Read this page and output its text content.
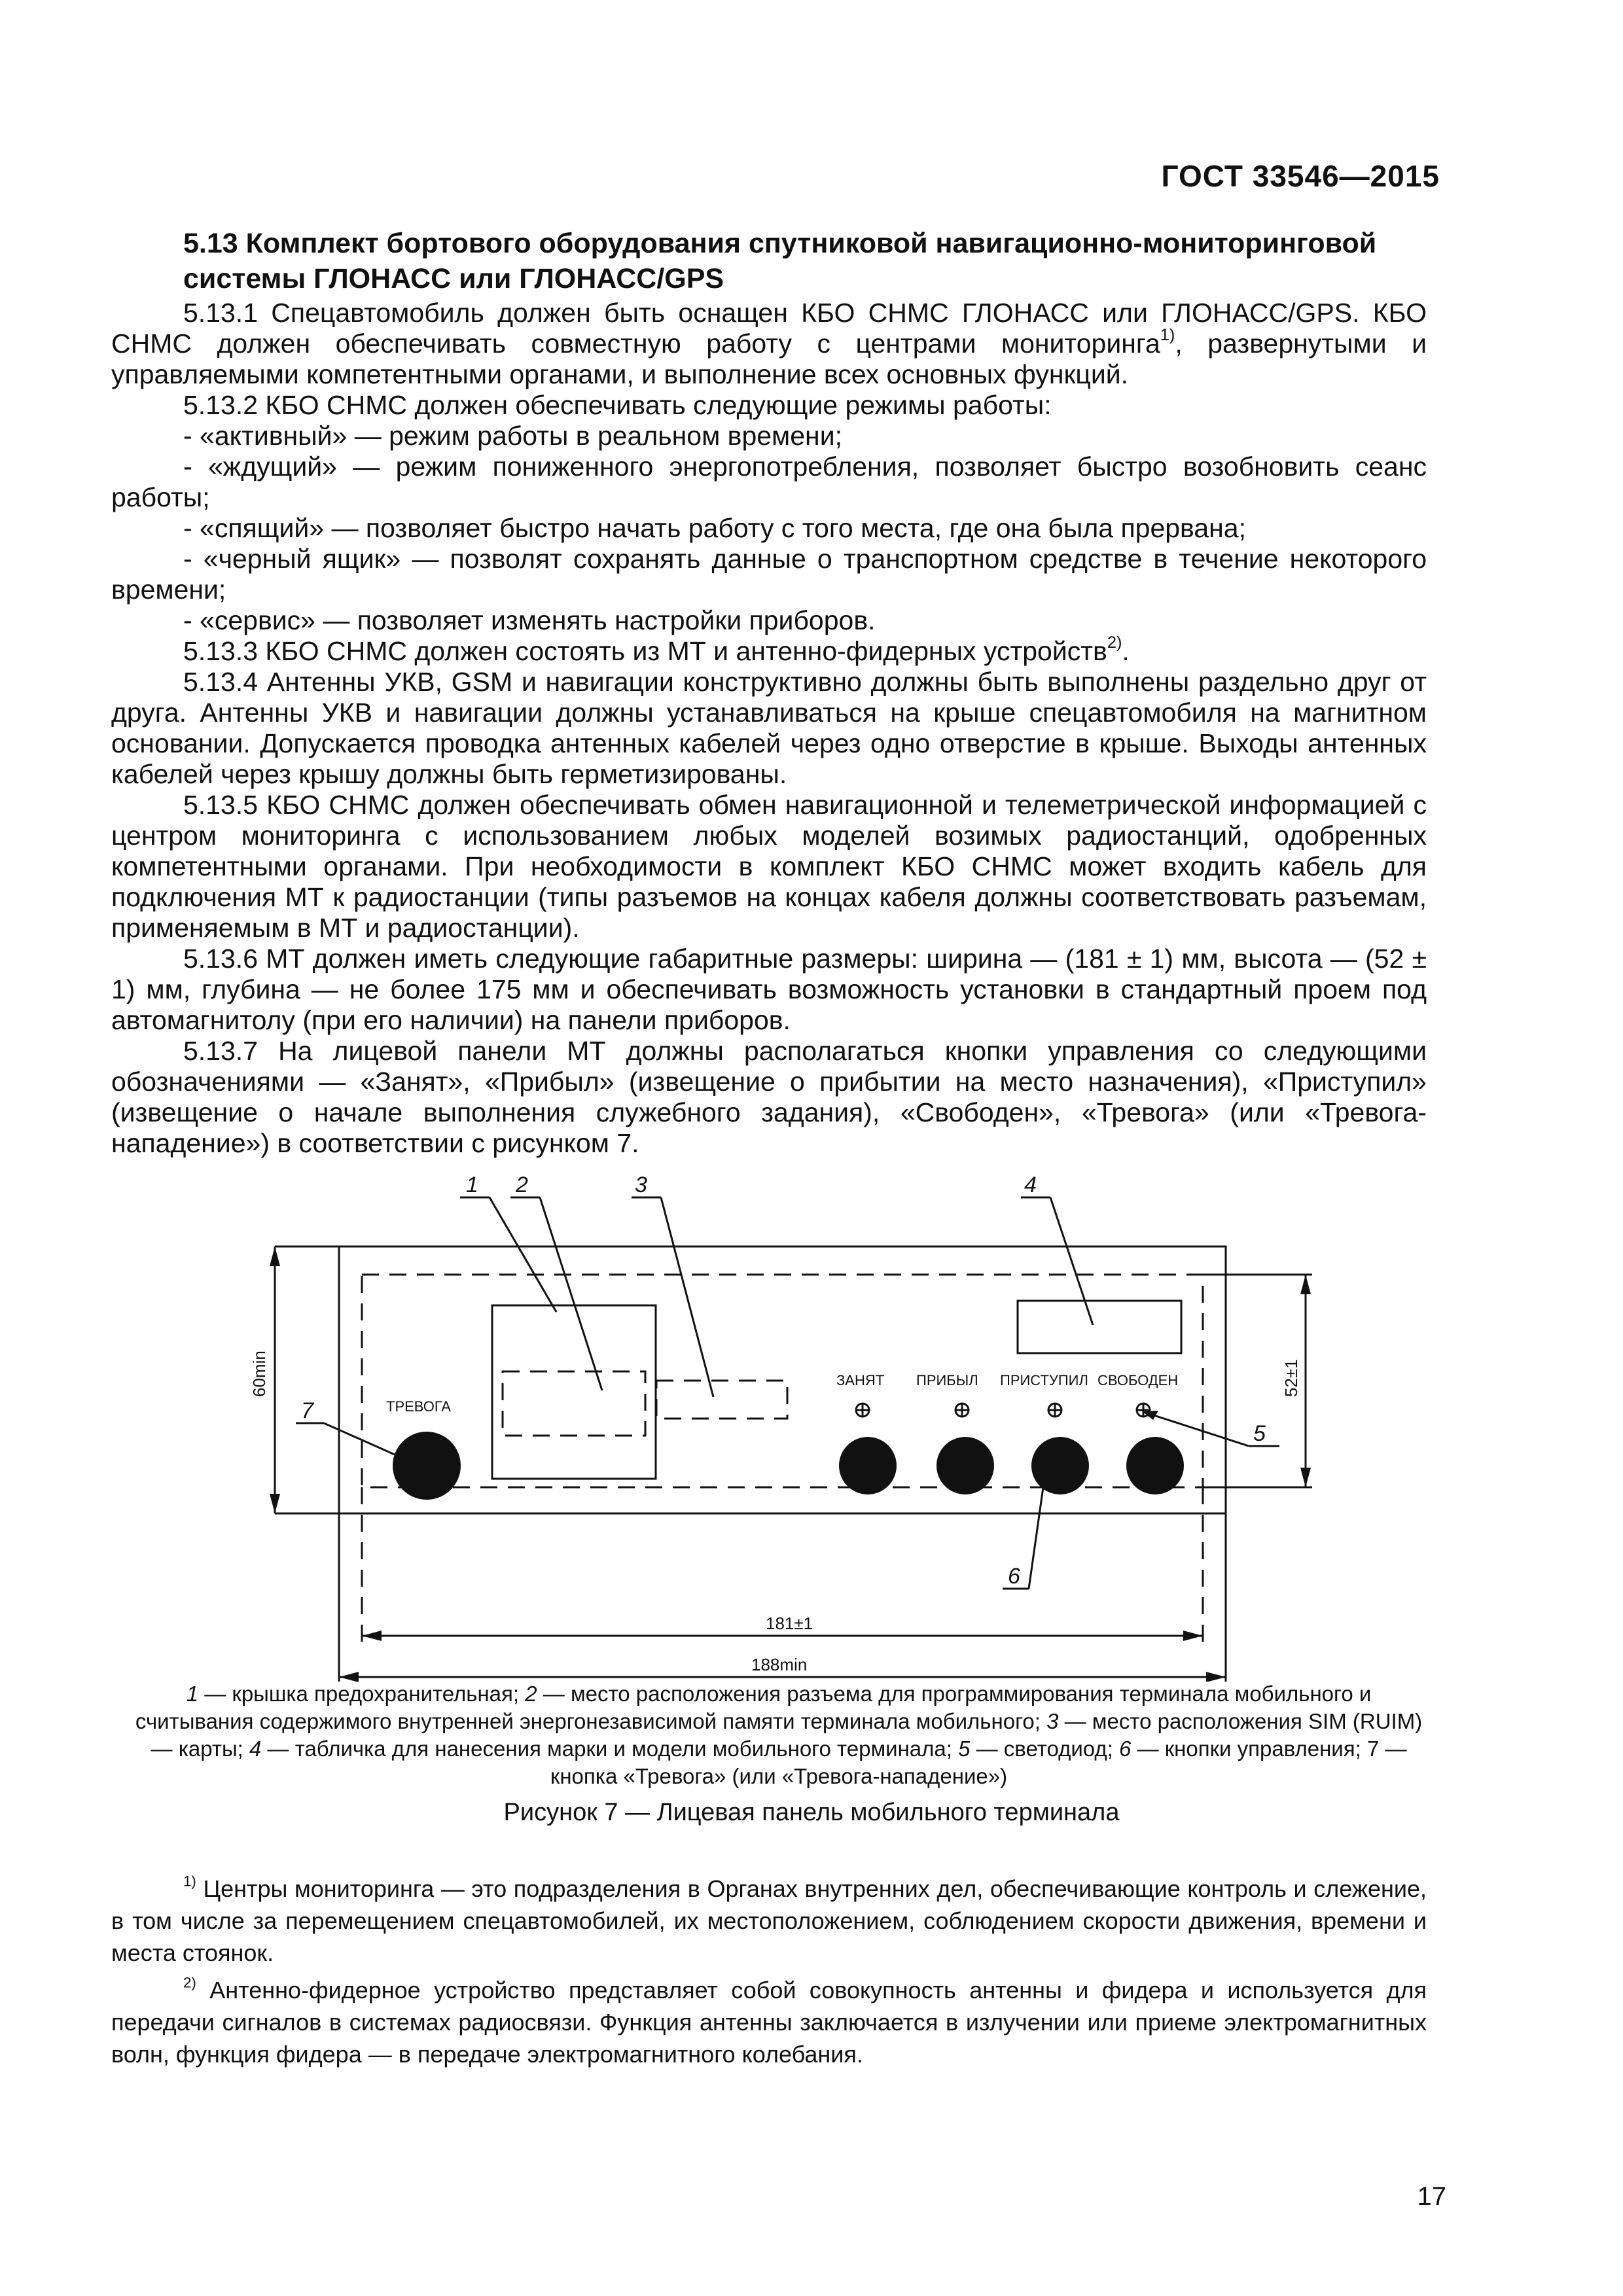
ГОСТ 33546—2015
5.13 Комплект бортового оборудования спутниковой навигационно-мониторинговой системы ГЛОНАСС или ГЛОНАСС/GPS

5.13.1 Спецавтомобиль должен быть оснащен КБО СНМС ГЛОНАСС или ГЛОНАСС/GPS. КБО СНМС должен обеспечивать совместную работу с центрами мониторинга$^{1)}$, развернутыми и управляемыми компетентными органами, и выполнение всех основных функций.

5.13.2 КБО СНМС должен обеспечивать следующие режимы работы:

- «активный» — режим работы в реальном времени;

- «ждущий» — режим пониженного энергопотребления, позволяет быстро возобновить сеанс работы;

- «спящий» — позволяет быстро начать работу с того места, где она была прервана;

- «черный ящик» — позволят сохранять данные о транспортном средстве в течение некоторого времени;

- «сервис» — позволяет изменять настройки приборов.

5.13.3 КБО СНМС должен состоять из МТ и антенно-фидерных устройств$^{2)}$.

5.13.4 Антенны УКВ, GSM и навигации конструктивно должны быть выполнены раздельно друг от друга. Антенны УКВ и навигации должны устанавливаться на крыше спецавтомобиля на магнитном основании. Допускается проводка антенных кабелей через одно отверстие в крыше. Выходы антенных кабелей через крышу должны быть герметизированы.

5.13.5 КБО СНМС должен обеспечивать обмен навигационной и телеметрической информацией с центром мониторинга с использованием любых моделей возимых радиостанций, одобренных компетентными органами. При необходимости в комплект КБО СНМС может входить кабель для подключения МТ к радиостанции (типы разъемов на концах кабеля должны соответствовать разъемам, применяемым в МТ и радиостанции).

5.13.6 МТ должен иметь следующие габаритные размеры: ширина — (181 ± 1) мм, высота — (52 ± 1) мм, глубина — не более 175 мм и обеспечивать возможность установки в стандартный проем под автомагнитолу (при его наличии) на панели приборов.

5.13.7 На лицевой панели МТ должны располагаться кнопки управления со следующими обозначениями — «Занят», «Прибыл» (извещение о прибытии на место назначения), «Приступил» (извещение о начале выполнения служебного задания), «Свободен», «Тревога» (или «Тревога-нападение») в соответствии с рисунком 7.

1 2	3	4
5
6
7	ТРЕВОГА
ЗАНЯТ ПРИБЫЛ ПРИСТУПИЛ СВОБОДЕН
60min	52±1
181±1
188min
1 — крышка предохранительная; 2 — место расположения разъема для программирования терминала мобильного и считывания содержимого внутренней энергонезависимой памяти терминала мобильного; 3 — место расположения SIM (RUIM) — карты; 4 — табличка для нанесения марки и модели мобильного терминала; 5 — светодиод; 6 — кнопки управления; 7 — кнопка «Тревога» (или «Тревога-нападение»)
Рисунок 7 — Лицевая панель мобильного терминала

$^{1)}$ Центры мониторинга — это подразделения в Органах внутренних дел, обеспечивающие контроль и слежение, в том числе за перемещением спецавтомобилей, их местоположением, соблюдением скорости движения, времени и места стоянок.

$^{2)}$ Антенно-фидерное устройство представляет собой совокупность антенны и фидера и используется для передачи сигналов в системах радиосвязи. Функция антенны заключается в излучении или приеме электромагнитных волн, функция фидера — в передаче электромагнитного колебания.

17
